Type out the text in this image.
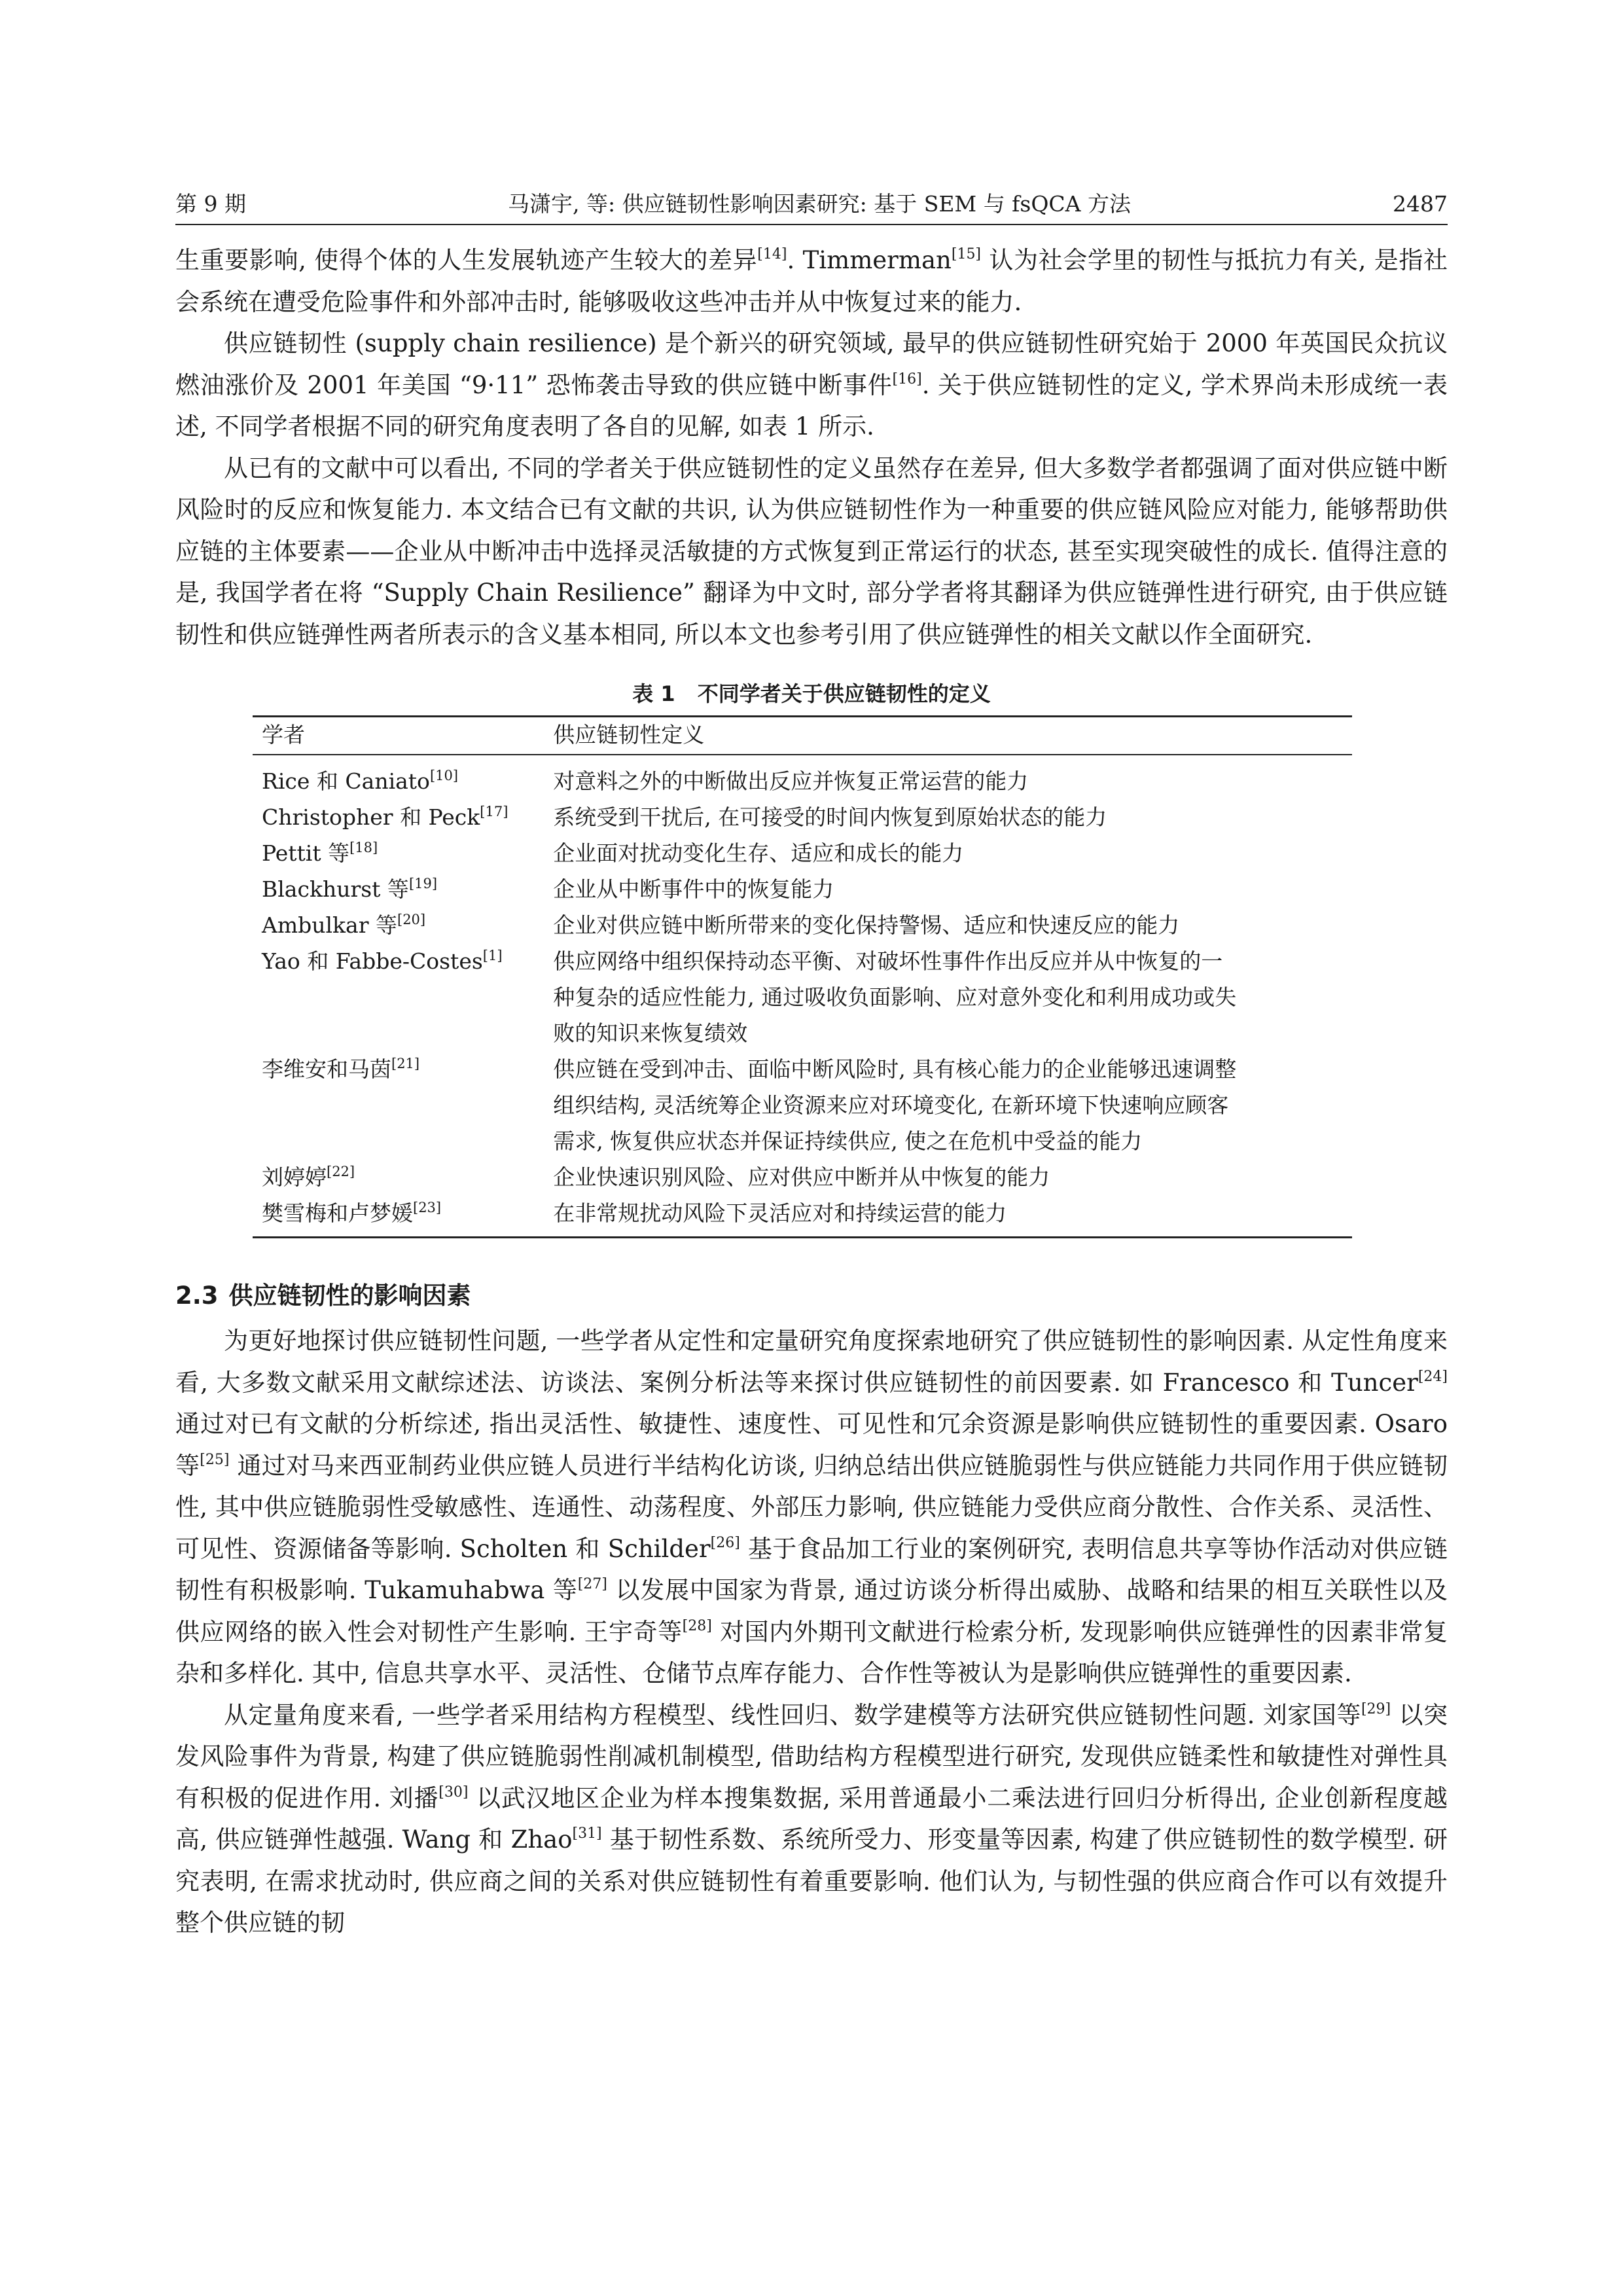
第 9 期	马潇宇, 等: 供应链韧性影响因素研究: 基于 SEM 与 fsQCA 方法	2487

生重要影响, 使得个体的人生发展轨迹产生较大的差异[14]. Timmerman[15] 认为社会学里的韧性与抵抗力有关, 是指社会系统在遭受危险事件和外部冲击时, 能够吸收这些冲击并从中恢复过来的能力.

供应链韧性 (supply chain resilience) 是个新兴的研究领域, 最早的供应链韧性研究始于 2000 年英国民众抗议燃油涨价及 2001 年美国 “9·11” 恐怖袭击导致的供应链中断事件[16]. 关于供应链韧性的定义, 学术界尚未形成统一表述, 不同学者根据不同的研究角度表明了各自的见解, 如表 1 所示.

从已有的文献中可以看出, 不同的学者关于供应链韧性的定义虽然存在差异, 但大多数学者都强调了面对供应链中断风险时的反应和恢复能力. 本文结合已有文献的共识, 认为供应链韧性作为一种重要的供应链风险应对能力, 能够帮助供应链的主体要素——企业从中断冲击中选择灵活敏捷的方式恢复到正常运行的状态, 甚至实现突破性的成长. 值得注意的是, 我国学者在将 “Supply Chain Resilience” 翻译为中文时, 部分学者将其翻译为供应链弹性进行研究, 由于供应链韧性和供应链弹性两者所表示的含义基本相同, 所以本文也参考引用了供应链弹性的相关文献以作全面研究.

表 1 不同学者关于供应链韧性的定义
学者	供应链韧性定义
Rice 和 Caniato[10]	对意料之外的中断做出反应并恢复正常运营的能力
Christopher 和 Peck[17]	系统受到干扰后, 在可接受的时间内恢复到原始状态的能力
Pettit 等[18]	企业面对扰动变化生存、适应和成长的能力
Blackhurst 等[19]	企业从中断事件中的恢复能力
Ambulkar 等[20]	企业对供应链中断所带来的变化保持警惕、适应和快速反应的能力
Yao 和 Fabbe-Costes[1]	供应网络中组织保持动态平衡、对破坏性事件作出反应并从中恢复的一
	种复杂的适应性能力, 通过吸收负面影响、应对意外变化和利用成功或失
	败的知识来恢复绩效
李维安和马茵[21]	供应链在受到冲击、面临中断风险时, 具有核心能力的企业能够迅速调整
	组织结构, 灵活统筹企业资源来应对环境变化, 在新环境下快速响应顾客
	需求, 恢复供应状态并保证持续供应, 使之在危机中受益的能力
刘婷婷[22]	企业快速识别风险、应对供应中断并从中恢复的能力
樊雪梅和卢梦媛[23]	在非常规扰动风险下灵活应对和持续运营的能力
2.3 供应链韧性的影响因素

为更好地探讨供应链韧性问题, 一些学者从定性和定量研究角度探索地研究了供应链韧性的影响因素. 从定性角度来看, 大多数文献采用文献综述法、访谈法、案例分析法等来探讨供应链韧性的前因要素. 如 Francesco 和 Tuncer[24] 通过对已有文献的分析综述, 指出灵活性、敏捷性、速度性、可见性和冗余资源是影响供应链韧性的重要因素. Osaro 等[25] 通过对马来西亚制药业供应链人员进行半结构化访谈, 归纳总结出供应链脆弱性与供应链能力共同作用于供应链韧性, 其中供应链脆弱性受敏感性、连通性、动荡程度、外部压力影响, 供应链能力受供应商分散性、合作关系、灵活性、可见性、资源储备等影响. Scholten 和 Schilder[26] 基于食品加工行业的案例研究, 表明信息共享等协作活动对供应链韧性有积极影响. Tukamuhabwa 等[27] 以发展中国家为背景, 通过访谈分析得出威胁、战略和结果的相互关联性以及供应网络的嵌入性会对韧性产生影响. 王宇奇等[28] 对国内外期刊文献进行检索分析, 发现影响供应链弹性的因素非常复杂和多样化. 其中, 信息共享水平、灵活性、仓储节点库存能力、合作性等被认为是影响供应链弹性的重要因素.

从定量角度来看, 一些学者采用结构方程模型、线性回归、数学建模等方法研究供应链韧性问题. 刘家国等[29] 以突发风险事件为背景, 构建了供应链脆弱性削减机制模型, 借助结构方程模型进行研究, 发现供应链柔性和敏捷性对弹性具有积极的促进作用. 刘播[30] 以武汉地区企业为样本搜集数据, 采用普通最小二乘法进行回归分析得出, 企业创新程度越高, 供应链弹性越强. Wang 和 Zhao[31] 基于韧性系数、系统所受力、形变量等因素, 构建了供应链韧性的数学模型. 研究表明, 在需求扰动时, 供应商之间的关系对供应链韧性有着重要影响. 他们认为, 与韧性强的供应商合作可以有效提升整个供应链的韧
